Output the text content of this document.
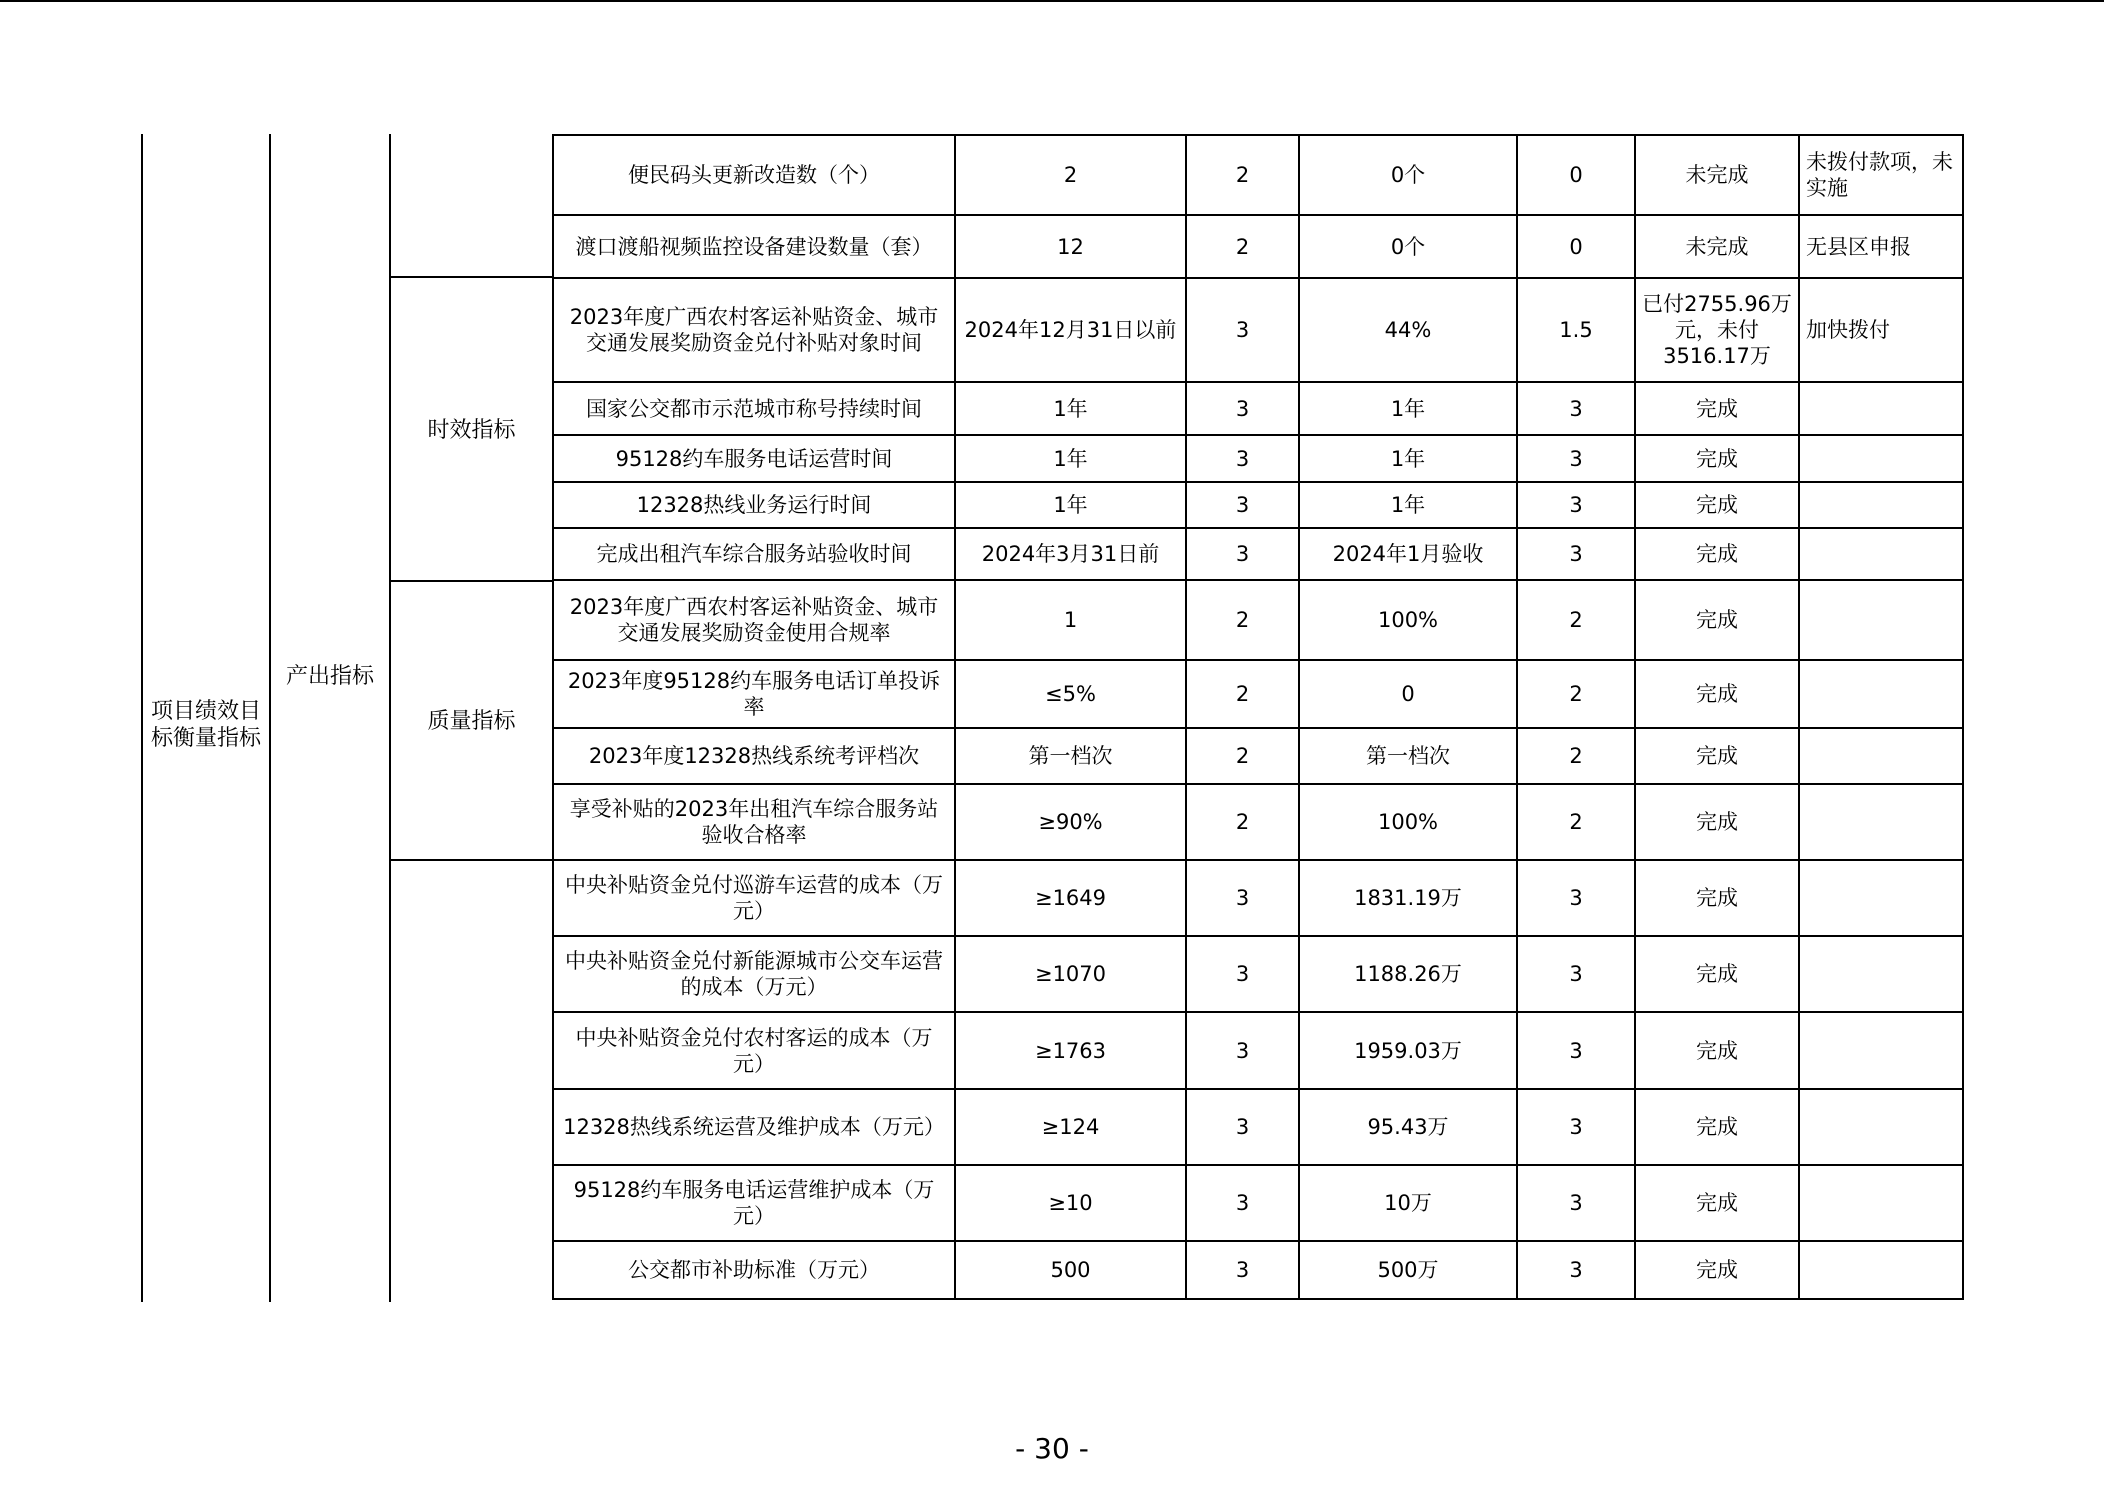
项目绩效目标衡量指标
产出指标
时效指标
质量指标
便民码头更新改造数（个）	2	2	0个	0	未完成	未拨付款项，未实施
渡口渡船视频监控设备建设数量（套）	12	2	0个	0	未完成	无县区申报
2023年度广西农村客运补贴资金、城市交通发展奖励资金兑付补贴对象时间	2024年12月31日以前	3	44%	1.5	已付2755.96万元，未付3516.17万	加快拨付
国家公交都市示范城市称号持续时间	1年	3	1年	3	完成	
95128约车服务电话运营时间	1年	3	1年	3	完成	
12328热线业务运行时间	1年	3	1年	3	完成	
完成出租汽车综合服务站验收时间	2024年3月31日前	3	2024年1月验收	3	完成	
2023年度广西农村客运补贴资金、城市交通发展奖励资金使用合规率	1	2	100%	2	完成	
2023年度95128约车服务电话订单投诉率	≤5%	2	0	2	完成	
2023年度12328热线系统考评档次	第一档次	2	第一档次	2	完成	
享受补贴的2023年出租汽车综合服务站验收合格率	≥90%	2	100%	2	完成	
中央补贴资金兑付巡游车运营的成本（万元）	≥1649	3	1831.19万	3	完成	
中央补贴资金兑付新能源城市公交车运营的成本（万元）	≥1070	3	1188.26万	3	完成	
中央补贴资金兑付农村客运的成本（万元）	≥1763	3	1959.03万	3	完成	
12328热线系统运营及维护成本（万元）	≥124	3	95.43万	3	完成	
95128约车服务电话运营维护成本（万元）	≥10	3	10万	3	完成	
公交都市补助标准（万元）	500	3	500万	3	完成	
- 30 -
